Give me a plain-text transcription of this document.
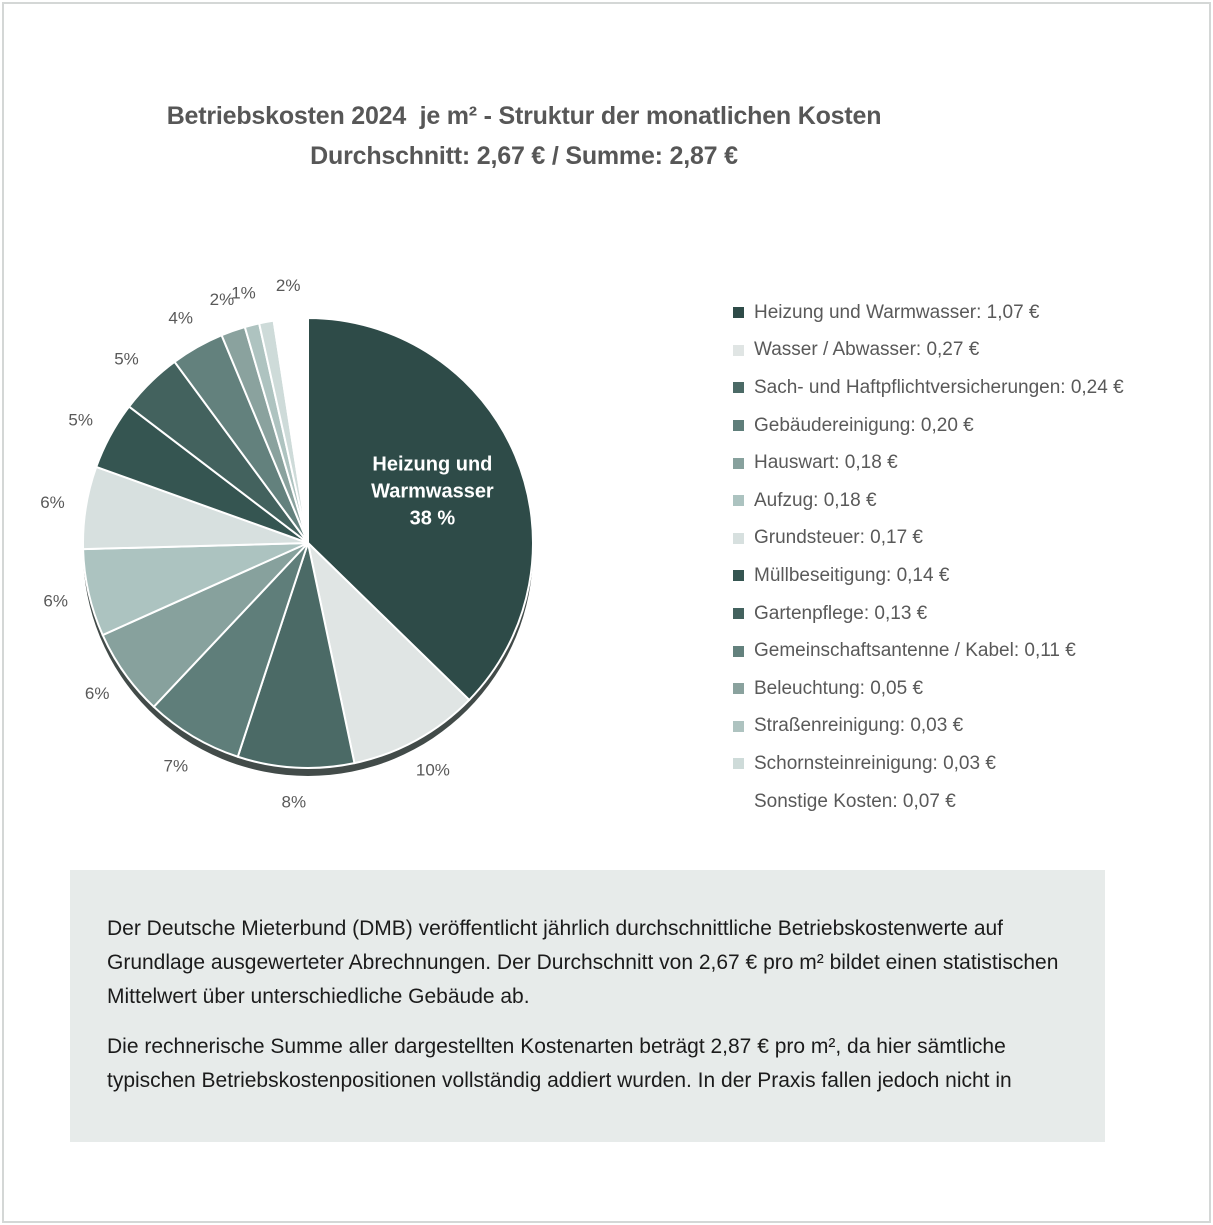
Betriebskosten 2024  je m² - Struktur der monatlichen Kosten
Durchschnitt: 2,67 € / Summe: 2,87 €
Heizung und Warmwasser 38 %
10%
8%
7%
6%
6%
6%
5%
5%
4%
2%
1% 2%
Heizung und Warmwasser: 1,07 €
Wasser / Abwasser: 0,27 €
Sach- und Haftpflichtversicherungen: 0,24 €
Gebäudereinigung: 0,20 €
Hauswart: 0,18 €
Aufzug: 0,18 €
Grundsteuer: 0,17 €
Müllbeseitigung: 0,14 €
Gartenpflege: 0,13 €
Gemeinschaftsantenne / Kabel: 0,11 €
Beleuchtung: 0,05 €
Straßenreinigung: 0,03 €
Schornsteinreinigung: 0,03 €
Sonstige Kosten: 0,07 €

Der Deutsche Mieterbund (DMB) veröffentlicht jährlich durchschnittliche Betriebskostenwerte auf Grundlage ausgewerteter Abrechnungen. Der Durchschnitt von 2,67 € pro m² bildet einen statistischen Mittelwert über unterschiedliche Gebäude ab.

Die rechnerische Summe aller dargestellten Kostenarten beträgt 2,87 € pro m², da hier sämtliche typischen Betriebskostenpositionen vollständig addiert wurden. In der Praxis fallen jedoch nicht in
